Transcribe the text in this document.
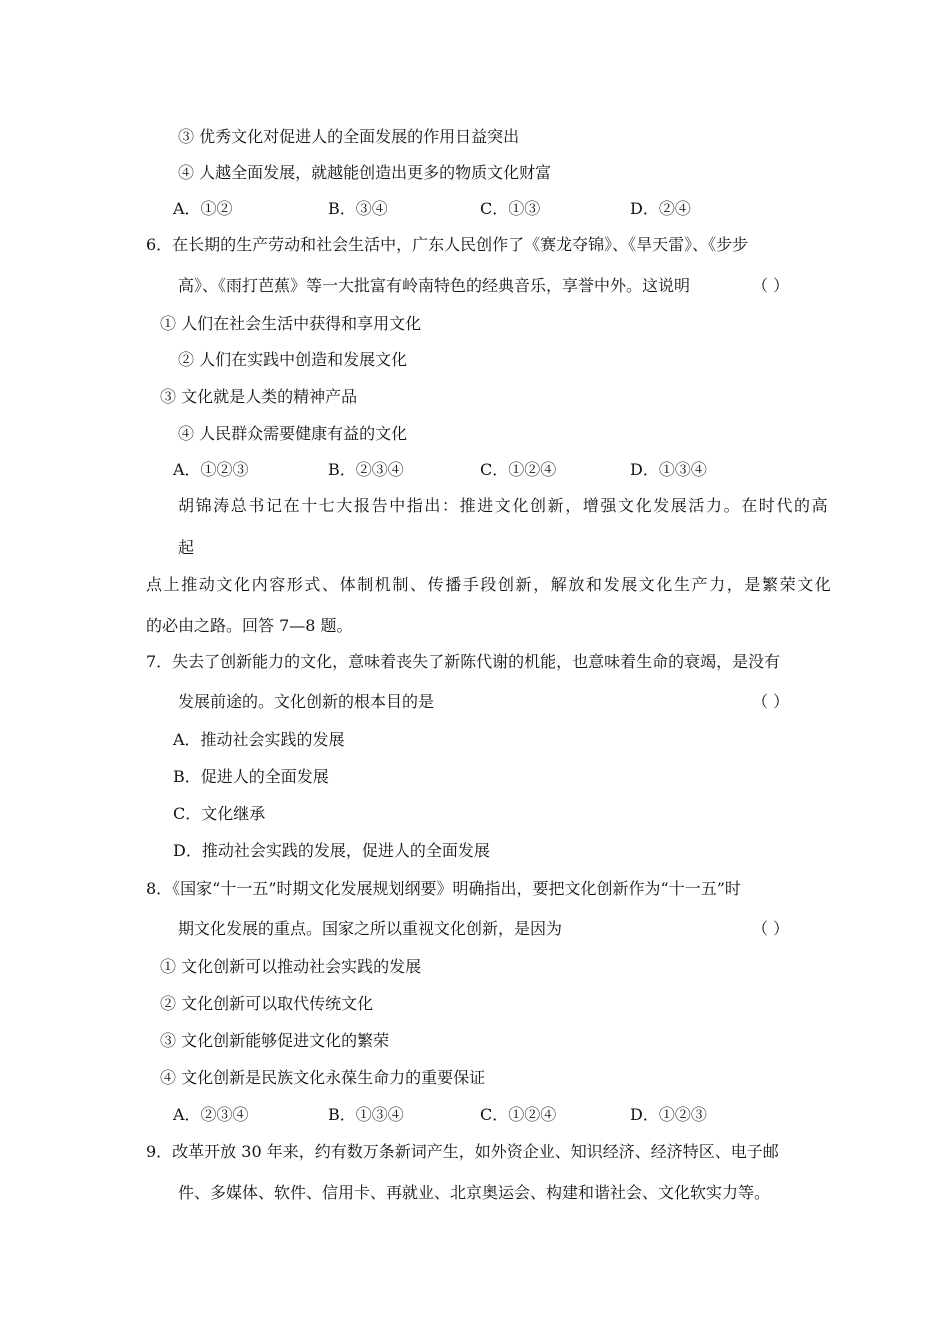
③ 优秀文化对促进人的全面发展的作用日益突出
④ 人越全面发展，就越能创造出更多的物质文化财富
A．①②	B．③④	C．①③	D．②④
6．在长期的生产劳动和社会生活中，广东人民创作了《赛龙夺锦》、《旱天雷》、《步步
高》、《雨打芭蕉》等一大批富有岭南特色的经典音乐，享誉中外。这说明	（ ）
① 人们在社会生活中获得和享用文化
② 人们在实践中创造和发展文化
③ 文化就是人类的精神产品
④ 人民群众需要健康有益的文化
A．①②③	B．②③④	C．①②④	D．①③④
胡锦涛总书记在十七大报告中指出：推进文化创新，增强文化发展活力。在时代的高
起
点上推动文化内容形式、体制机制、传播手段创新，解放和发展文化生产力，是繁荣文化
的必由之路。回答 7—8 题。
7．失去了创新能力的文化，意味着丧失了新陈代谢的机能，也意味着生命的衰竭，是没有
发展前途的。文化创新的根本目的是	（ ）
A．推动社会实践的发展
B．促进人的全面发展
C．文化继承
D．推动社会实践的发展，促进人的全面发展
8．《国家“十一五”时期文化发展规划纲要》明确指出，要把文化创新作为“十一五”时
期文化发展的重点。国家之所以重视文化创新，是因为	（ ）
① 文化创新可以推动社会实践的发展
② 文化创新可以取代传统文化
③ 文化创新能够促进文化的繁荣
④ 文化创新是民族文化永葆生命力的重要保证
A．②③④	B．①③④	C．①②④	D．①②③
9．改革开放 30 年来，约有数万条新词产生，如外资企业、知识经济、经济特区、电子邮
件、多媒体、软件、信用卡、再就业、北京奥运会、构建和谐社会、文化软实力等。
